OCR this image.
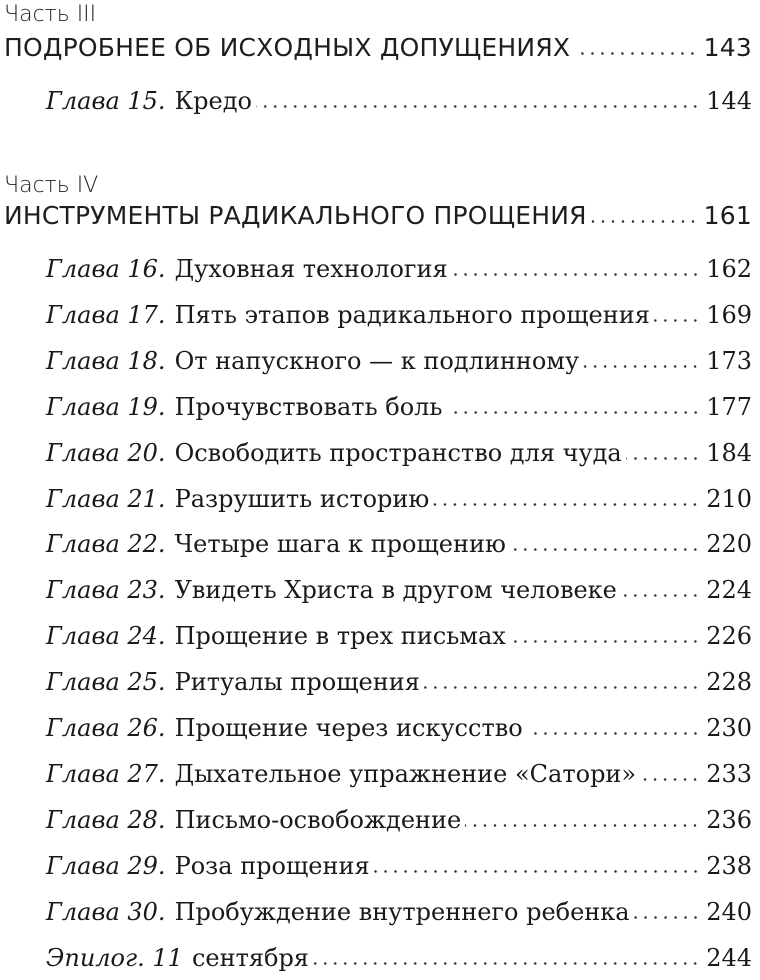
Часть III
ПОДРОБНЕЕ ОБ ИСХОДНЫХ ДОПУЩЕНИЯХ	143
Глава 15. Кредо	144
Часть IV
ИНСТРУМЕНТЫ РАДИКАЛЬНОГО ПРОЩЕНИЯ	161
Глава 16. Духовная технология	162
Глава 17. Пять этапов радикального прощения 169
Глава 18. От напускного — к подлинному	173
Глава 19. Прочувствовать боль	177
Глава 20. Освободить пространство для чуда	184
Глава 21. Разрушить историю	210
Глава 22. Четыре шага к прощению	220
Глава 23. Увидеть Христа в другом человеке	224
Глава 24. Прощение в трех письмах	226
Глава 25. Ритуалы прощения	228
Глава 26. Прощение через искусство	230
Глава 27. Дыхательное упражнение «Сатори»	233
Глава 28. Письмо-освобождение	236
Глава 29. Роза прощения	238
Глава 30. Пробуждение внутреннего ребенка	240
Эпилог. 11 сентября	244
